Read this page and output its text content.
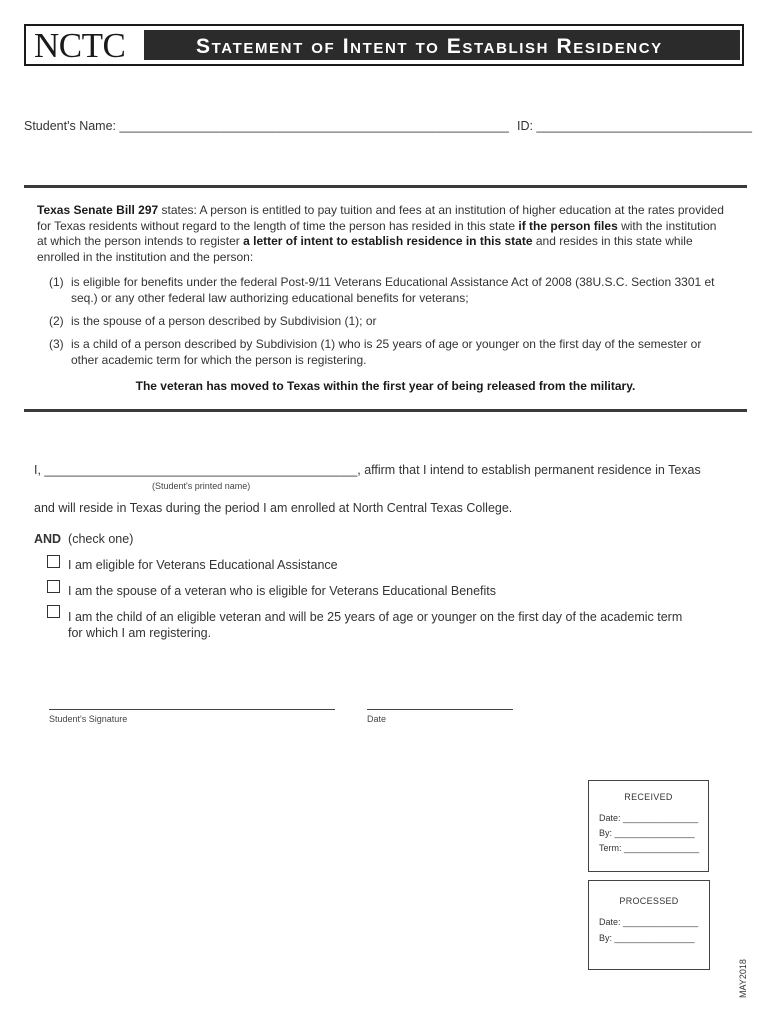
NCTC	Statement of Intent to Establish Residency
Student's Name: ________________________________________________________ ID: _______________________________
Texas Senate Bill 297 states: A person is entitled to pay tuition and fees at an institution of higher education at the rates provided for Texas residents without regard to the length of time the person has resided in this state if the person files with the institution at which the person intends to register a letter of intent to establish residence in this state and resides in this state while enrolled in the institution and the person:
(1) is eligible for benefits under the federal Post-9/11 Veterans Educational Assistance Act of 2008 (38U.S.C. Section 3301 et seq.) or any other federal law authorizing educational benefits for veterans;
(2) is the spouse of a person described by Subdivision (1); or
(3) is a child of a person described by Subdivision (1) who is 25 years of age or younger on the first day of the semester or other academic term for which the person is registering.
The veteran has moved to Texas within the first year of being released from the military.
I, _____________________________________________, affirm that I intend to establish permanent residence in Texas
(Student's printed name)
and will reside in Texas during the period I am enrolled at North Central Texas College.
AND (check one)
I am eligible for Veterans Educational Assistance
I am the spouse of a veteran who is eligible for Veterans Educational Benefits
I am the child of an eligible veteran and will be 25 years of age or younger on the first day of the academic term for which I am registering.
Student's Signature	Date
RECEIVED
Date: _______________
By: ________________
Term: _______________
PROCESSED
Date: _______________
By: ________________
MAY2018
